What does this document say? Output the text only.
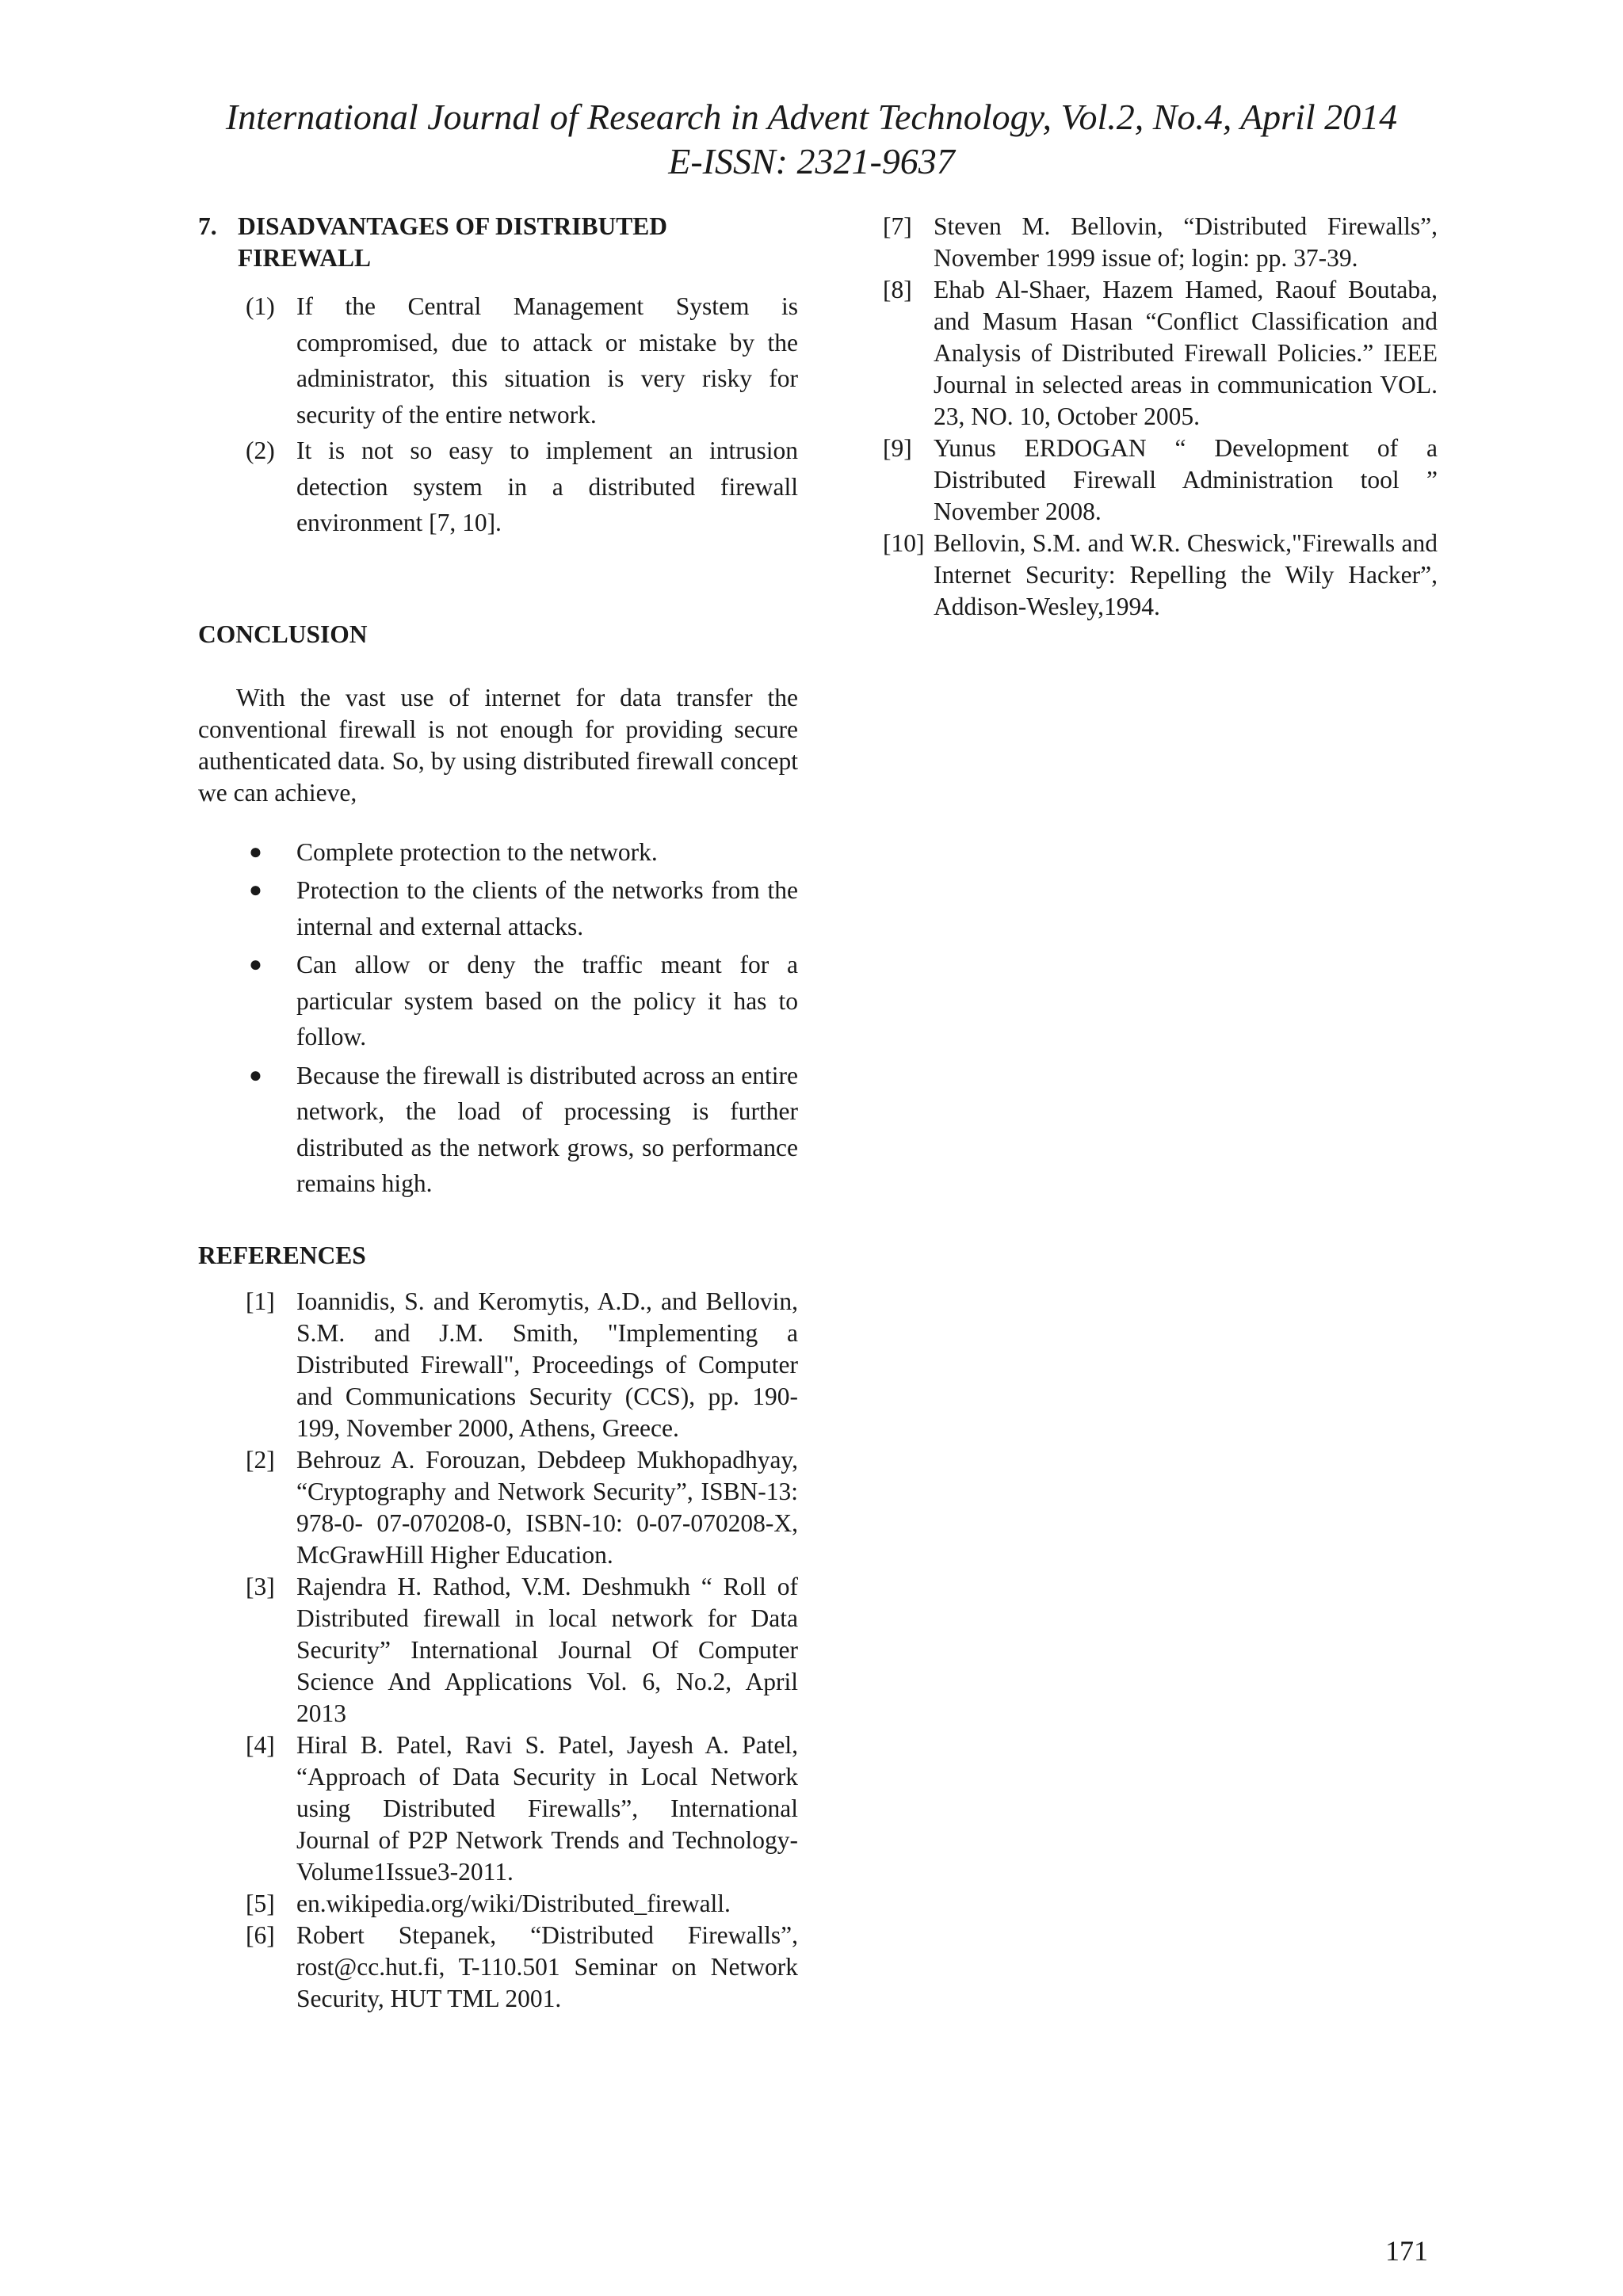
International Journal of Research in Advent Technology, Vol.2, No.4, April 2014
E-ISSN: 2321-9637
7. DISADVANTAGES OF DISTRIBUTED
FIREWALL
(1) If the Central Management System is compromised, due to attack or mistake by the administrator, this situation is very risky for security of the entire network.
(2) It is not so easy to implement an intrusion detection system in a distributed firewall environment [7, 10].
CONCLUSION

With the vast use of internet for data transfer the conventional firewall is not enough for providing secure authenticated data. So, by using distributed firewall concept we can achieve,

●	Complete protection to the network.
●	Protection to the clients of the networks from the internal and external attacks.
●	Can allow or deny the traffic meant for a particular system based on the policy it has to follow.
●	Because the firewall is distributed across an entire network, the load of processing is further distributed as the network grows, so performance remains high.
REFERENCES
[1] Ioannidis, S. and Keromytis, A.D., and Bellovin, S.M. and J.M. Smith, "Implementing a Distributed Firewall", Proceedings of Computer and Communications Security (CCS), pp. 190-199, November 2000, Athens, Greece.
[2] Behrouz A. Forouzan, Debdeep Mukhopadhyay, “Cryptography and Network Security”, ISBN-13: 978-0- 07-070208-0, ISBN-10: 0-07-070208-X, McGrawHill Higher Education.
[3] Rajendra H. Rathod, V.M. Deshmukh “ Roll of Distributed firewall in local network for Data Security” International Journal Of Computer Science And Applications Vol. 6, No.2, April 2013
[4] Hiral B. Patel, Ravi S. Patel, Jayesh A. Patel, “Approach of Data Security in Local Network using Distributed Firewalls”, International Journal of P2P Network Trends and Technology-Volume1Issue3-2011.
[5] en.wikipedia.org/wiki/Distributed_firewall.
[6] Robert Stepanek, “Distributed Firewalls”, rost@cc.hut.fi, T-110.501 Seminar on Network Security, HUT TML 2001.
[7] Steven M. Bellovin, “Distributed Firewalls”, November 1999 issue of; login: pp. 37-39.
[8] Ehab Al-Shaer, Hazem Hamed, Raouf Boutaba, and Masum Hasan “Conflict Classification and Analysis of Distributed Firewall Policies.” IEEE Journal in selected areas in communication VOL. 23, NO. 10, October 2005.
[9] Yunus ERDOGAN “ Development of a Distributed Firewall Administration tool ” November 2008.
[10] Bellovin, S.M. and W.R. Cheswick,"Firewalls and Internet Security: Repelling the Wily Hacker”, Addison-Wesley,1994.
171
